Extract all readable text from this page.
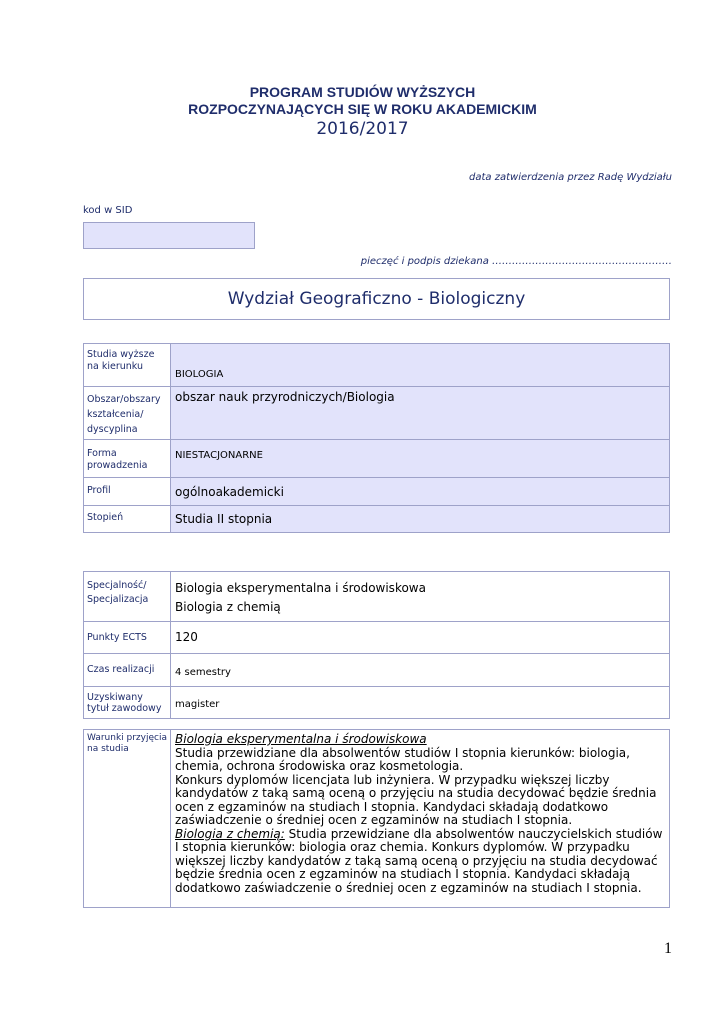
PROGRAM STUDIÓW WYŻSZYCH
ROZPOCZYNAJĄCYCH SIĘ W ROKU AKADEMICKIM
2016/2017
data zatwierdzenia przez Radę Wydziału
kod w SID
pieczęć i podpis dziekana ………………………………………………
Wydział Geograficzno - Biologiczny
Studia wyższe na kierunku	BIOLOGIA
Obszar/obszary kształcenia/ dyscyplina	obszar nauk przyrodniczych/Biologia
Forma prowadzenia	NIESTACJONARNE
Profil	ogólnoakademicki
Stopień	Studia II stopnia
Specjalność/ Specjalizacja	Biologia eksperymentalna i środowiskowa
Biologia z chemią

Punkty ECTS	120
Czas realizacji	4 semestry
Uzyskiwany tytuł zawodowy	magister
Warunki przyjęcia na studia	
Biologia eksperymentalna i środowiskowa
Studia przewidziane dla absolwentów studiów I stopnia kierunków: biologia, chemia, ochrona środowiska oraz kosmetologia.
Konkurs dyplomów licencjata lub inżyniera. W przypadku większej liczby kandydatów z taką samą oceną o przyjęciu na studia decydować będzie średnia ocen z egzaminów na studiach I stopnia. Kandydaci składają dodatkowo zaświadczenie o średniej ocen z egzaminów na studiach I stopnia.
Biologia z chemią: Studia przewidziane dla absolwentów nauczycielskich studiów I stopnia kierunków: biologia oraz chemia. Konkurs dyplomów. W przypadku większej liczby kandydatów z taką samą oceną o przyjęciu na studia decydować będzie średnia ocen z egzaminów na studiach I stopnia. Kandydaci składają dodatkowo zaświadczenie o średniej ocen z egzaminów na studiach I stopnia.
1
